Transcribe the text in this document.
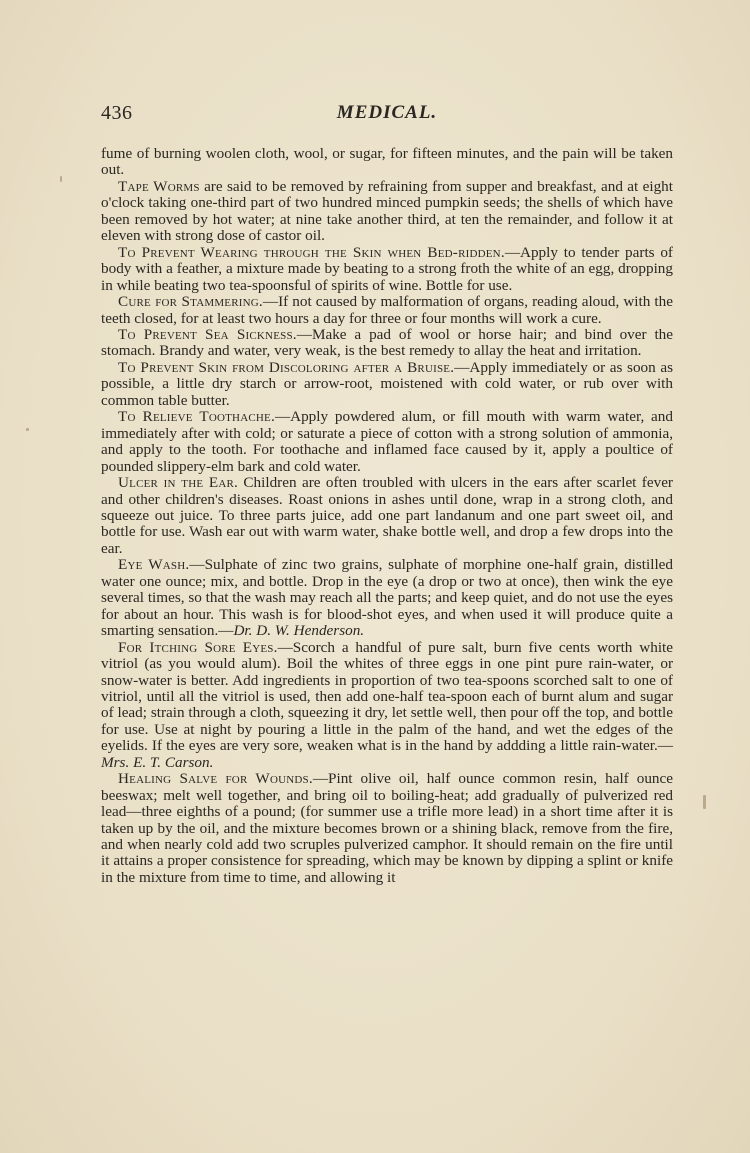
436	MEDICAL.

fume of burning woolen cloth, wool, or sugar, for fifteen minutes, and the pain will be taken out.

Tape Worms are said to be removed by refraining from supper and breakfast, and at eight o'clock taking one-third part of two hundred minced pumpkin seeds; the shells of which have been removed by hot water; at nine take another third, at ten the remainder, and follow it at eleven with strong dose of castor oil.

To Prevent Wearing through the Skin when Bed-ridden.—Apply to tender parts of body with a feather, a mixture made by beating to a strong froth the white of an egg, dropping in while beating two tea-spoonsful of spirits of wine. Bottle for use.

Cure for Stammering.—If not caused by malformation of organs, reading aloud, with the teeth closed, for at least two hours a day for three or four months will work a cure.

To Prevent Sea Sickness.—Make a pad of wool or horse hair; and bind over the stomach. Brandy and water, very weak, is the best remedy to allay the heat and irritation.

To Prevent Skin from Discoloring after a Bruise.—Apply immediately or as soon as possible, a little dry starch or arrow-root, moistened with cold water, or rub over with common table butter.

To Relieve Toothache.—Apply powdered alum, or fill mouth with warm water, and immediately after with cold; or saturate a piece of cotton with a strong solution of ammonia, and apply to the tooth. For toothache and inflamed face caused by it, apply a poultice of pounded slippery-elm bark and cold water.

Ulcer in the Ear. Children are often troubled with ulcers in the ears after scarlet fever and other children's diseases. Roast onions in ashes until done, wrap in a strong cloth, and squeeze out juice. To three parts juice, add one part landanum and one part sweet oil, and bottle for use. Wash ear out with warm water, shake bottle well, and drop a few drops into the ear.

Eye Wash.—Sulphate of zinc two grains, sulphate of morphine one-half grain, distilled water one ounce; mix, and bottle. Drop in the eye (a drop or two at once), then wink the eye several times, so that the wash may reach all the parts; and keep quiet, and do not use the eyes for about an hour. This wash is for blood-shot eyes, and when used it will produce quite a smarting sensation.—Dr. D. W. Henderson.

For Itching Sore Eyes.—Scorch a handful of pure salt, burn five cents worth white vitriol (as you would alum). Boil the whites of three eggs in one pint pure rain-water, or snow-water is better. Add ingredients in proportion of two tea-spoons scorched salt to one of vitriol, until all the vitriol is used, then add one-half tea-spoon each of burnt alum and sugar of lead; strain through a cloth, squeezing it dry, let settle well, then pour off the top, and bottle for use. Use at night by pouring a little in the palm of the hand, and wet the edges of the eyelids. If the eyes are very sore, weaken what is in the hand by addding a little rain-water.—Mrs. E. T. Carson.

Healing Salve for Wounds.—Pint olive oil, half ounce common resin, half ounce beeswax; melt well together, and bring oil to boiling-heat; add gradually of pulverized red lead—three eighths of a pound; (for summer use a trifle more lead) in a short time after it is taken up by the oil, and the mixture becomes brown or a shining black, remove from the fire, and when nearly cold add two scruples pulverized camphor. It should remain on the fire until it attains a proper consistence for spreading, which may be known by dipping a splint or knife in the mixture from time to time, and allowing it
